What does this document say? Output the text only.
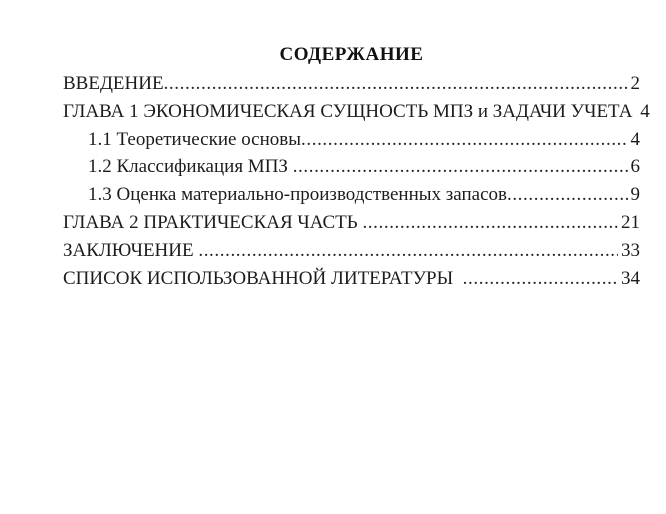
СОДЕРЖАНИЕ
ВВЕДЕНИЕ .....	2
ГЛАВА 1 ЭКОНОМИЧЕСКАЯ СУЩНОСТЬ МПЗ и ЗАДАЧИ УЧЕТА 4
1.1 Теоретические основы .....	4
1.2 Классификация МПЗ .....	6
1.3 Оценка материально-производственных запасов .....	9
ГЛАВА 2 ПРАКТИЧЕСКАЯ ЧАСТЬ .....	21
ЗАКЛЮЧЕНИЕ .....	33
СПИСОК ИСПОЛЬЗОВАННОЙ ЛИТЕРАТУРЫ .....	34
